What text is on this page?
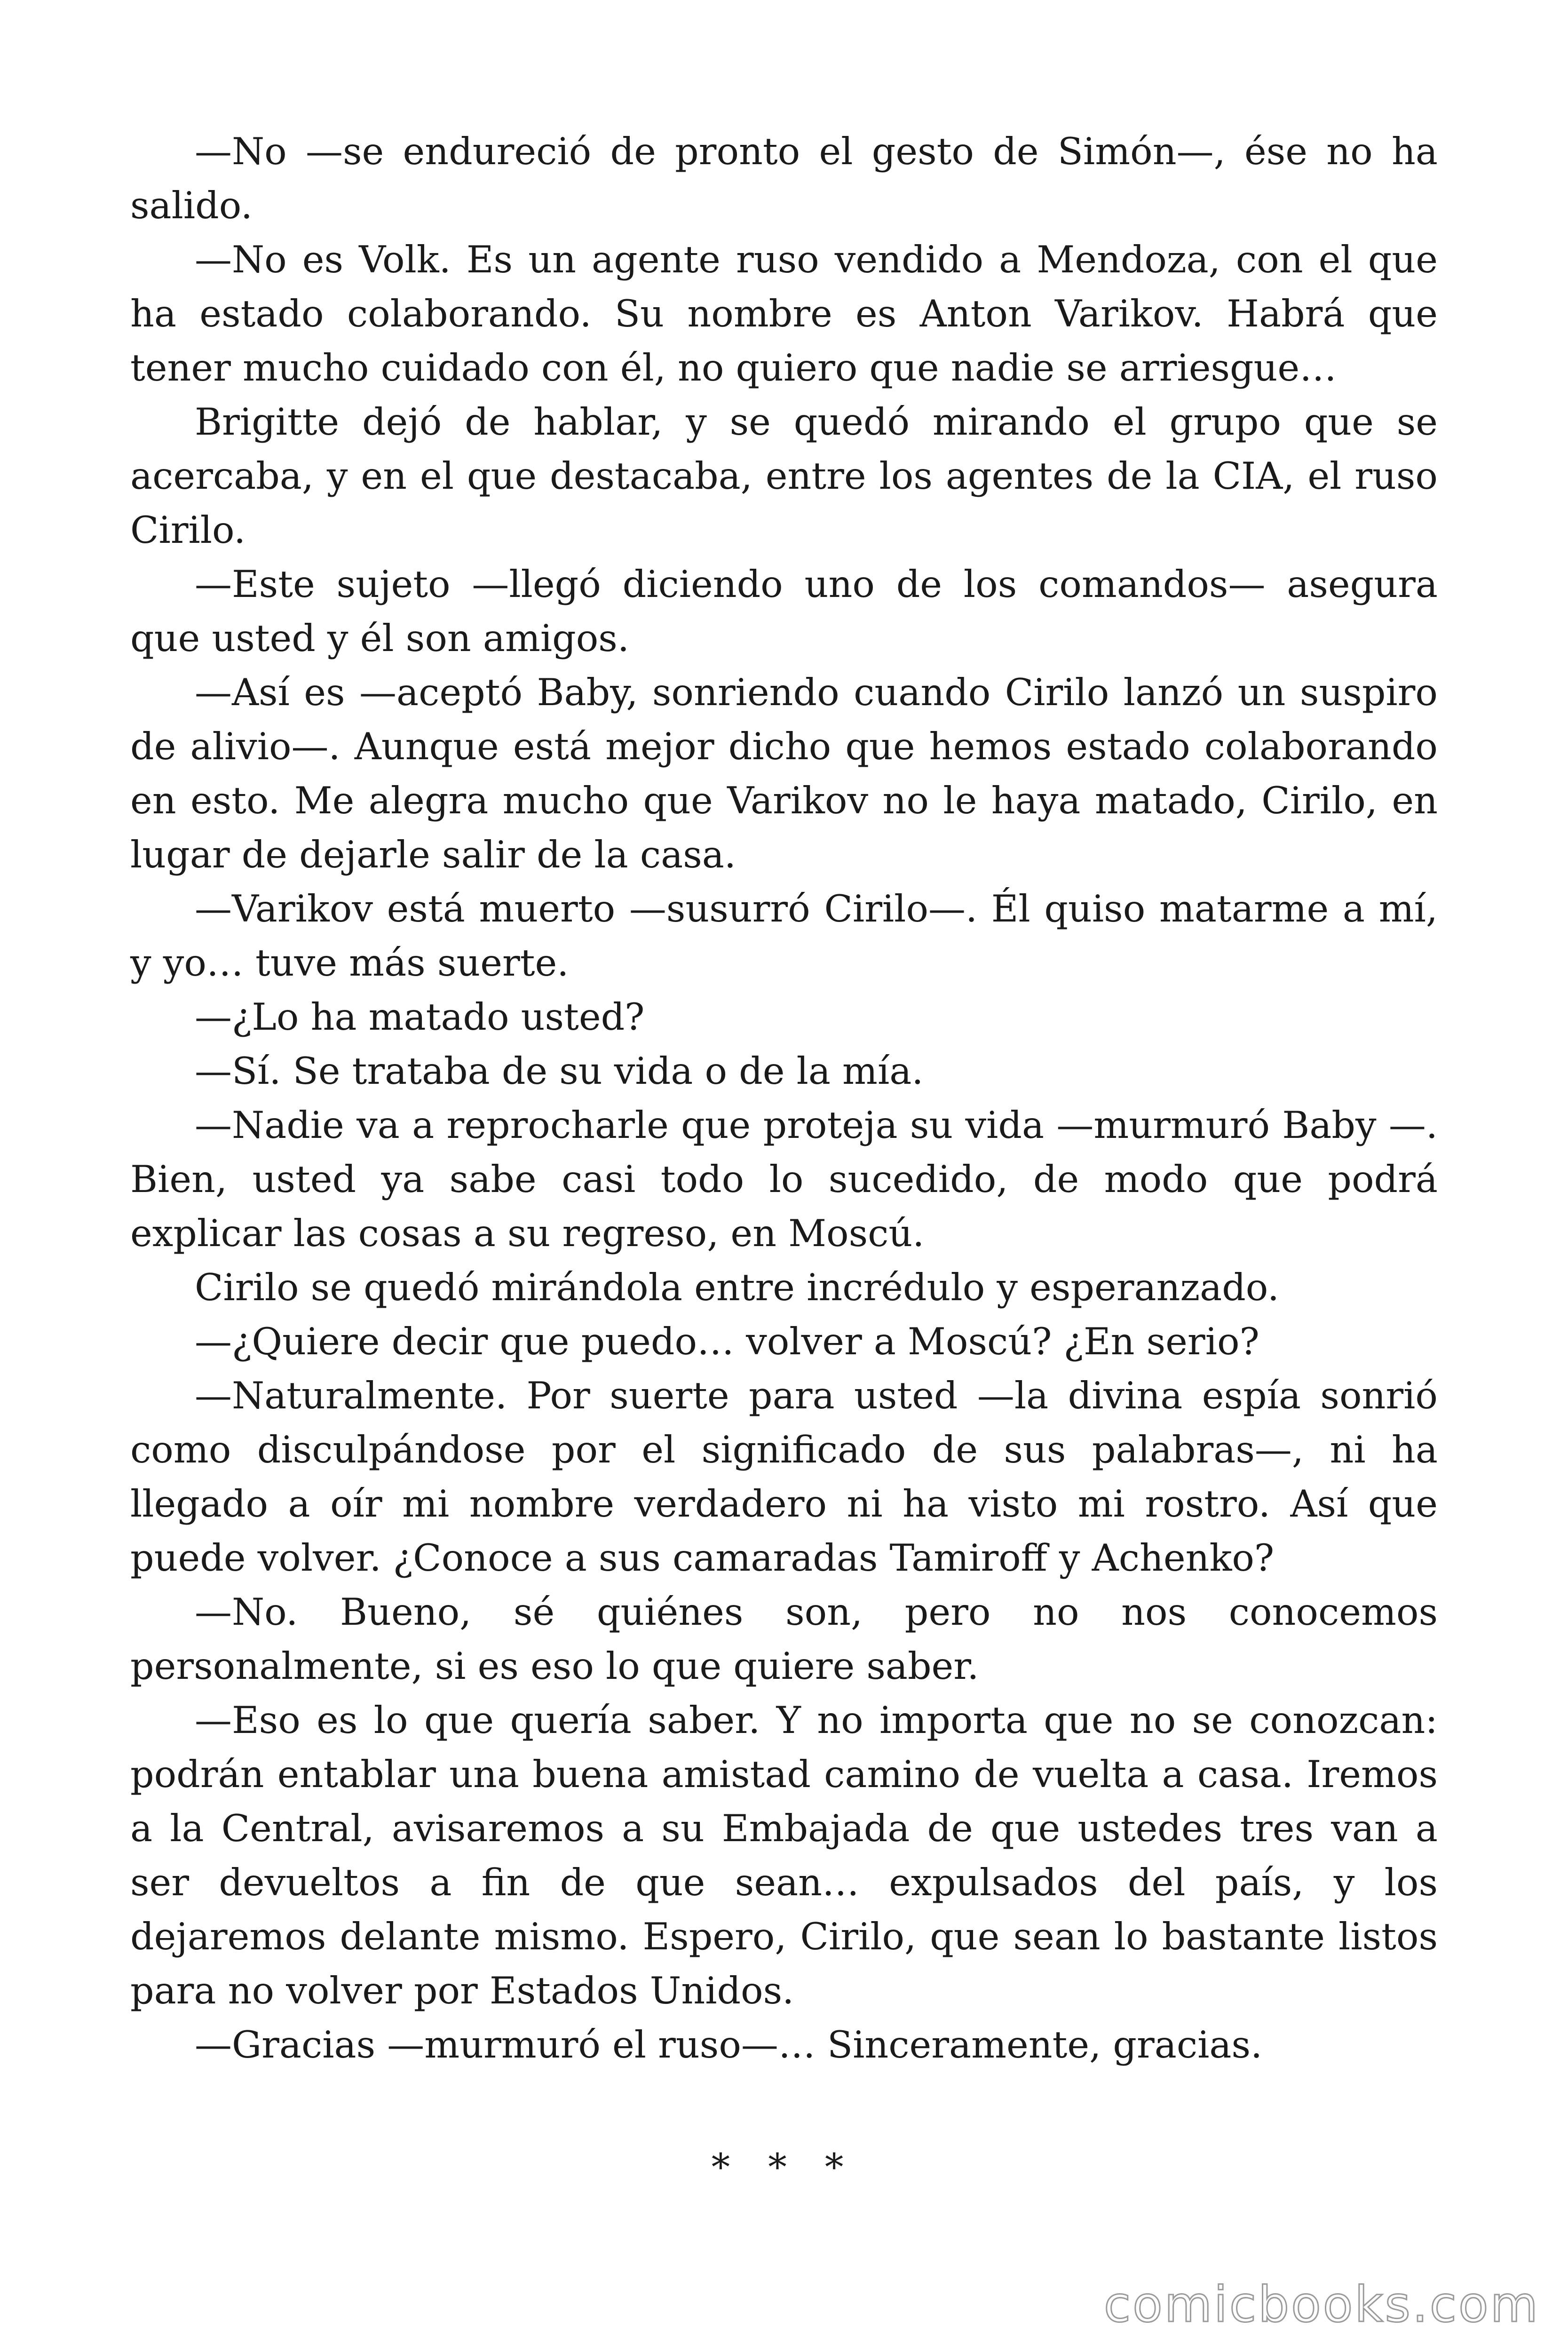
—No —se endureció de pronto el gesto de Simón—, ése no ha salido.

—No es Volk. Es un agente ruso vendido a Mendoza, con el que ha estado colaborando. Su nombre es Anton Varikov. Habrá que tener mucho cuidado con él, no quiero que nadie se arriesgue…

Brigitte dejó de hablar, y se quedó mirando el grupo que se acercaba, y en el que destacaba, entre los agentes de la CIA, el ruso Cirilo.

—Este sujeto —llegó diciendo uno de los comandos— asegura que usted y él son amigos.

—Así es —aceptó Baby, sonriendo cuando Cirilo lanzó un suspiro de alivio—. Aunque está mejor dicho que hemos estado colaborando en esto. Me alegra mucho que Varikov no le haya matado, Cirilo, en lugar de dejarle salir de la casa.

—Varikov está muerto —susurró Cirilo—. Él quiso matarme a mí, y yo… tuve más suerte.

—¿Lo ha matado usted?

—Sí. Se trataba de su vida o de la mía.

—Nadie va a reprocharle que proteja su vida —murmuró Baby —. Bien, usted ya sabe casi todo lo sucedido, de modo que podrá explicar las cosas a su regreso, en Moscú.

Cirilo se quedó mirándola entre incrédulo y esperanzado.

—¿Quiere decir que puedo… volver a Moscú? ¿En serio?

—Naturalmente. Por suerte para usted —la divina espía sonrió como disculpándose por el significado de sus palabras—, ni ha llegado a oír mi nombre verdadero ni ha visto mi rostro. Así que puede volver. ¿Conoce a sus camaradas Tamiroff y Achenko?

—No. Bueno, sé quiénes son, pero no nos conocemos personalmente, si es eso lo que quiere saber.

—Eso es lo que quería saber. Y no importa que no se conozcan: podrán entablar una buena amistad camino de vuelta a casa. Iremos a la Central, avisaremos a su Embajada de que ustedes tres van a ser devueltos a fin de que sean… expulsados del país, y los dejaremos delante mismo. Espero, Cirilo, que sean lo bastante listos para no volver por Estados Unidos.

—Gracias —murmuró el ruso—… Sinceramente, gracias.

* * *
comicbooks.com
